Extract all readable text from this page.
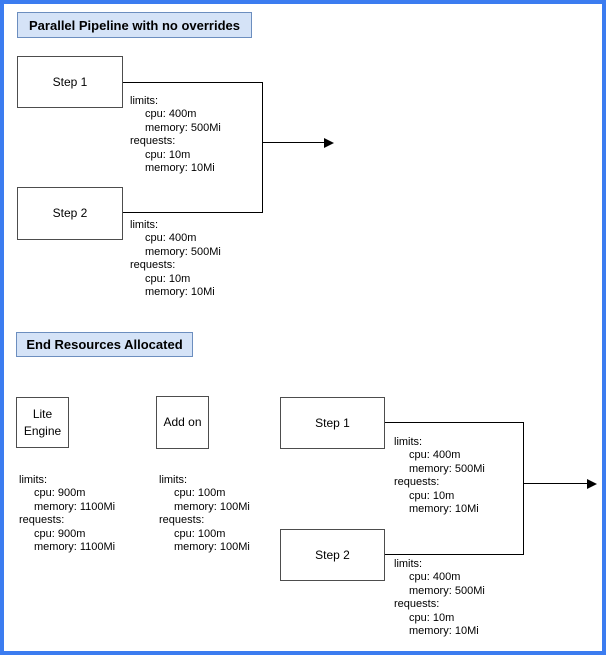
Parallel Pipeline with no overrides
Step 1
Step 2
limits:
cpu: 400m
memory: 500Mi
requests:
cpu: 10m
memory: 10Mi
limits:
cpu: 400m
memory: 500Mi
requests:
cpu: 10m
memory: 10Mi
End Resources Allocated
Lite Engine
Add on	Step 1
Step 2
limits:
cpu: 900m
memory: 1100Mi
requests:
cpu: 900m
memory: 1100Mi
limits:
cpu: 100m
memory: 100Mi
requests:
cpu: 100m
memory: 100Mi
limits:
cpu: 400m
memory: 500Mi
requests:
cpu: 10m
memory: 10Mi
limits:
cpu: 400m
memory: 500Mi
requests:
cpu: 10m
memory: 10Mi
